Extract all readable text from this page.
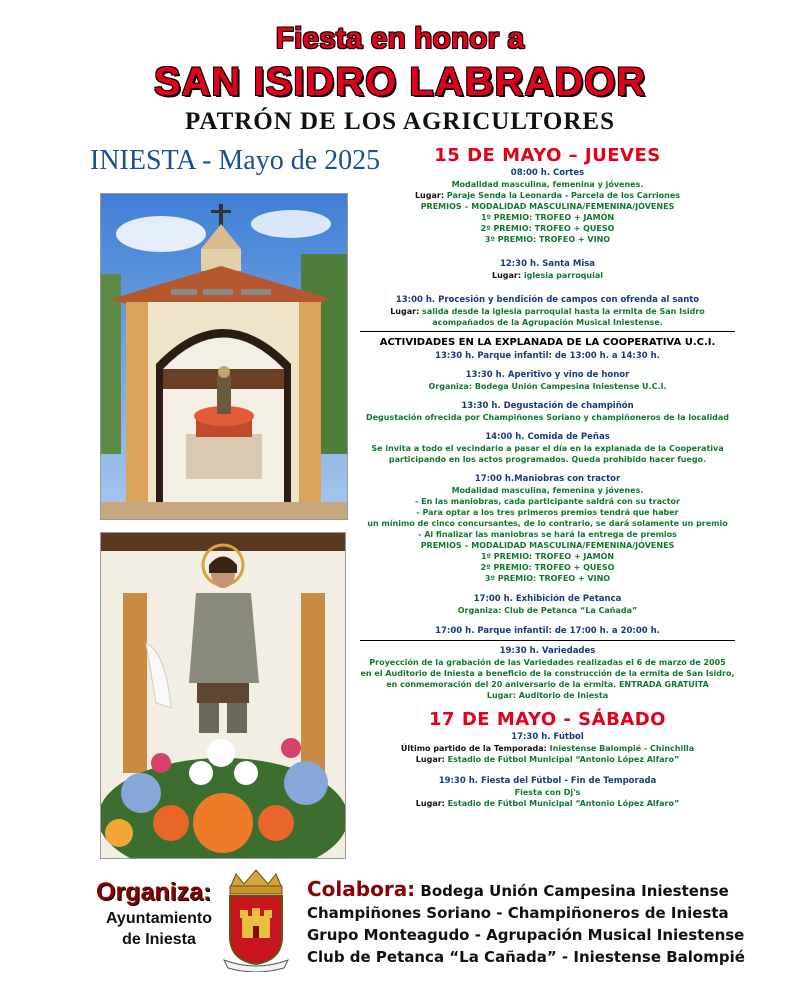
Fiesta en honor a
SAN ISIDRO LABRADOR
PATRÓN DE LOS AGRICULTORES
INIESTA - Mayo de 2025	15 DE MAYO – JUEVES
08:00 h. Cortes
Modalidad masculina, femenina y jóvenes.
Lugar: Paraje Senda la Leonarda - Parcela de los Carriones
PREMIOS – MODALIDAD MASCULINA/FEMENINA/JÓVENES
1º PREMIO: TROFEO + JAMÓN
2º PREMIO: TROFEO + QUESO
3º PREMIO: TROFEO + VINO
12:30 h. Santa Misa
Lugar: iglesia parroquial
13:00 h. Procesión y bendición de campos con ofrenda al santo
Lugar: salida desde la iglesia parroquial hasta la ermita de San Isidro
acompañados de la Agrupación Musical Iniestense.
ACTIVIDADES EN LA EXPLANADA DE LA COOPERATIVA U.C.I.
13:30 h. Parque infantil: de 13:00 h. a 14:30 h.
13:30 h. Aperitivo y vino de honor
Organiza: Bodega Unión Campesina Iniestense U.C.I.
13:30 h. Degustación de champiñón
Degustación ofrecida por Champiñones Soriano y champiñoneros de la localidad
14:00 h. Comida de Peñas
Se invita a todo el vecindario a pasar el día en la explanada de la Cooperativa
participando en los actos programados. Queda prohibido hacer fuego.
17:00 h.Maniobras con tractor
Modalidad masculina, femenina y jóvenes.
- En las maniobras, cada participante saldrá con su tractor
- Para optar a los tres primeros premios tendrá que haber
un mínimo de cinco concursantes, de lo contrario, se dará solamente un premio
- Al finalizar las maniobras se hará la entrega de premios
PREMIOS – MODALIDAD MASCULINA/FEMENINA/JÓVENES
1º PREMIO: TROFEO + JAMÓN
2º PREMIO: TROFEO + QUESO
3º PREMIO: TROFEO + VINO
17:00 h. Exhibición de Petanca
Organiza: Club de Petanca “La Cañada”
17:00 h. Parque infantil: de 17:00 h. a 20:00 h.
19:30 h. Variedades
Proyección de la grabación de las Variedades realizadas el 6 de marzo de 2005
en el Auditorio de Iniesta a beneficio de la construcción de la ermita de San Isidro,
en conmemoración del 20 aniversario de la ermita. ENTRADA GRATUITA
Lugar: Auditorio de Iniesta
17 DE MAYO - SÁBADO
17:30 h. Fútbol
Último partido de la Temporada: Iniestense Balompié - Chinchilla
Lugar: Estadio de Fútbol Municipal “Antonio López Alfaro”
19:30 h. Fiesta del Fútbol - Fin de Temporada
Fiesta con Dj's
Lugar: Estadio de Fútbol Municipal “Antonio López Alfaro”
Organiza:
Ayuntamiento
de Iniesta
Colabora: Bodega Unión Campesina Iniestense
Champiñones Soriano - Champiñoneros de Iniesta
Grupo Monteagudo - Agrupación Musical Iniestense
Club de Petanca “La Cañada” - Iniestense Balompié
